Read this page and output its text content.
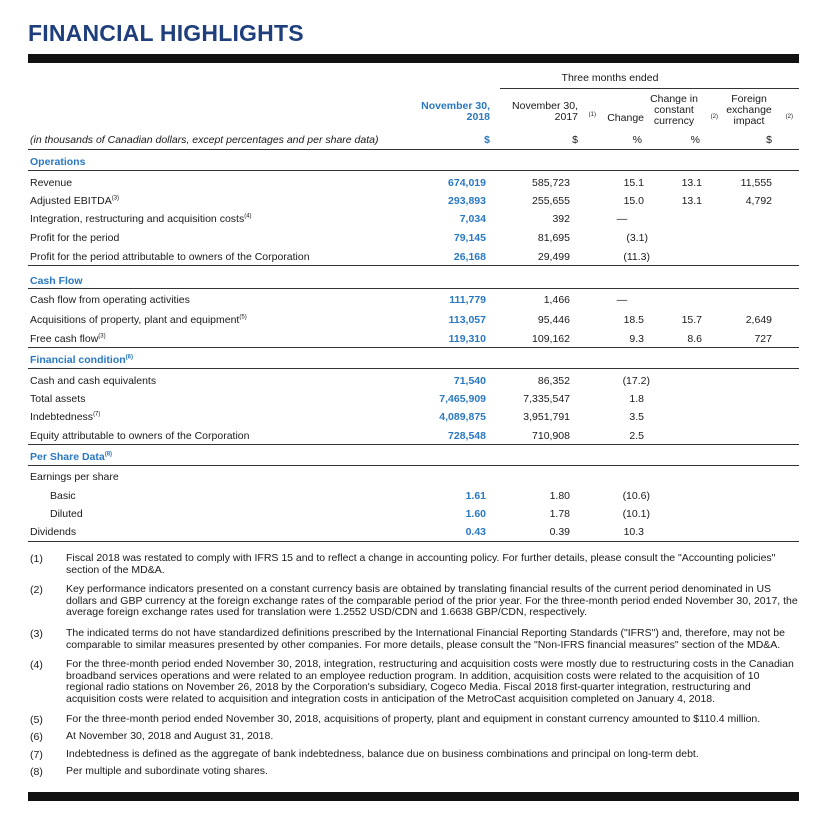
FINANCIAL HIGHLIGHTS
Three months ended
November 30,
2018
November 30,
2017	$^{(1)}$	Change
Change in
constant
currency	$^{(2)}$
Foreign
exchange
impact	$^{(2)}$
(in thousands of Canadian dollars, except percentages and per share data)	$	$	%	%	$
Operations
Revenue	674,019	585,723	15.1	13.1	11,555
Adjusted EBITDA$^{(3)}$	293,893	255,655	15.0	13.1	4,792
Integration, restructuring and acquisition costs$^{(4)}$	7,034	392	—
Profit for the period	79,145	81,695	(3.1)
Profit for the period attributable to owners of the Corporation	26,168	29,499	(11.3)
Cash Flow
Cash flow from operating activities	111,779	1,466	—
Acquisitions of property, plant and equipment$^{(5)}$	113,057	95,446	18.5	15.7	2,649
Free cash flow$^{(3)}$	119,310	109,162	9.3	8.6	727
Financial condition$^{(6)}$
Cash and cash equivalents	71,540	86,352	(17.2)
Total assets	7,465,909	7,335,547	1.8
Indebtedness$^{(7)}$	4,089,875	3,951,791	3.5
Equity attributable to owners of the Corporation	728,548	710,908	2.5
Per Share Data$^{(8)}$
Earnings per share
Basic	1.61	1.80	(10.6)
Diluted	1.60	1.78	(10.1)
Dividends	0.43	0.39	10.3
(1) Fiscal 2018 was restated to comply with IFRS 15 and to reflect a change in accounting policy. For further details, please consult the "Accounting policies" section of the MD&A.
(2) Key performance indicators presented on a constant currency basis are obtained by translating financial results of the current period denominated in US dollars and GBP currency at the foreign exchange rates of the comparable period of the prior year. For the three-month period ended November 30, 2017, the average foreign exchange rates used for translation were 1.2552 USD/CDN and 1.6638 GBP/CDN, respectively.
(3) The indicated terms do not have standardized definitions prescribed by the International Financial Reporting Standards ("IFRS") and, therefore, may not be comparable to similar measures presented by other companies. For more details, please consult the "Non-IFRS financial measures" section of the MD&A.
(4) For the three-month period ended November 30, 2018, integration, restructuring and acquisition costs were mostly due to restructuring costs in the Canadian broadband services operations and were related to an employee reduction program. In addition, acquisition costs were related to the acquisition of 10 regional radio stations on November 26, 2018 by the Corporation's subsidiary, Cogeco Media. Fiscal 2018 first-quarter integration, restructuring and acquisition costs were related to acquisition and integration costs in anticipation of the MetroCast acquisition completed on January 4, 2018.
(5) For the three-month period ended November 30, 2018, acquisitions of property, plant and equipment in constant currency amounted to $110.4 million.
(6) At November 30, 2018 and August 31, 2018.
(7) Indebtedness is defined as the aggregate of bank indebtedness, balance due on business combinations and principal on long-term debt.
(8) Per multiple and subordinate voting shares.
